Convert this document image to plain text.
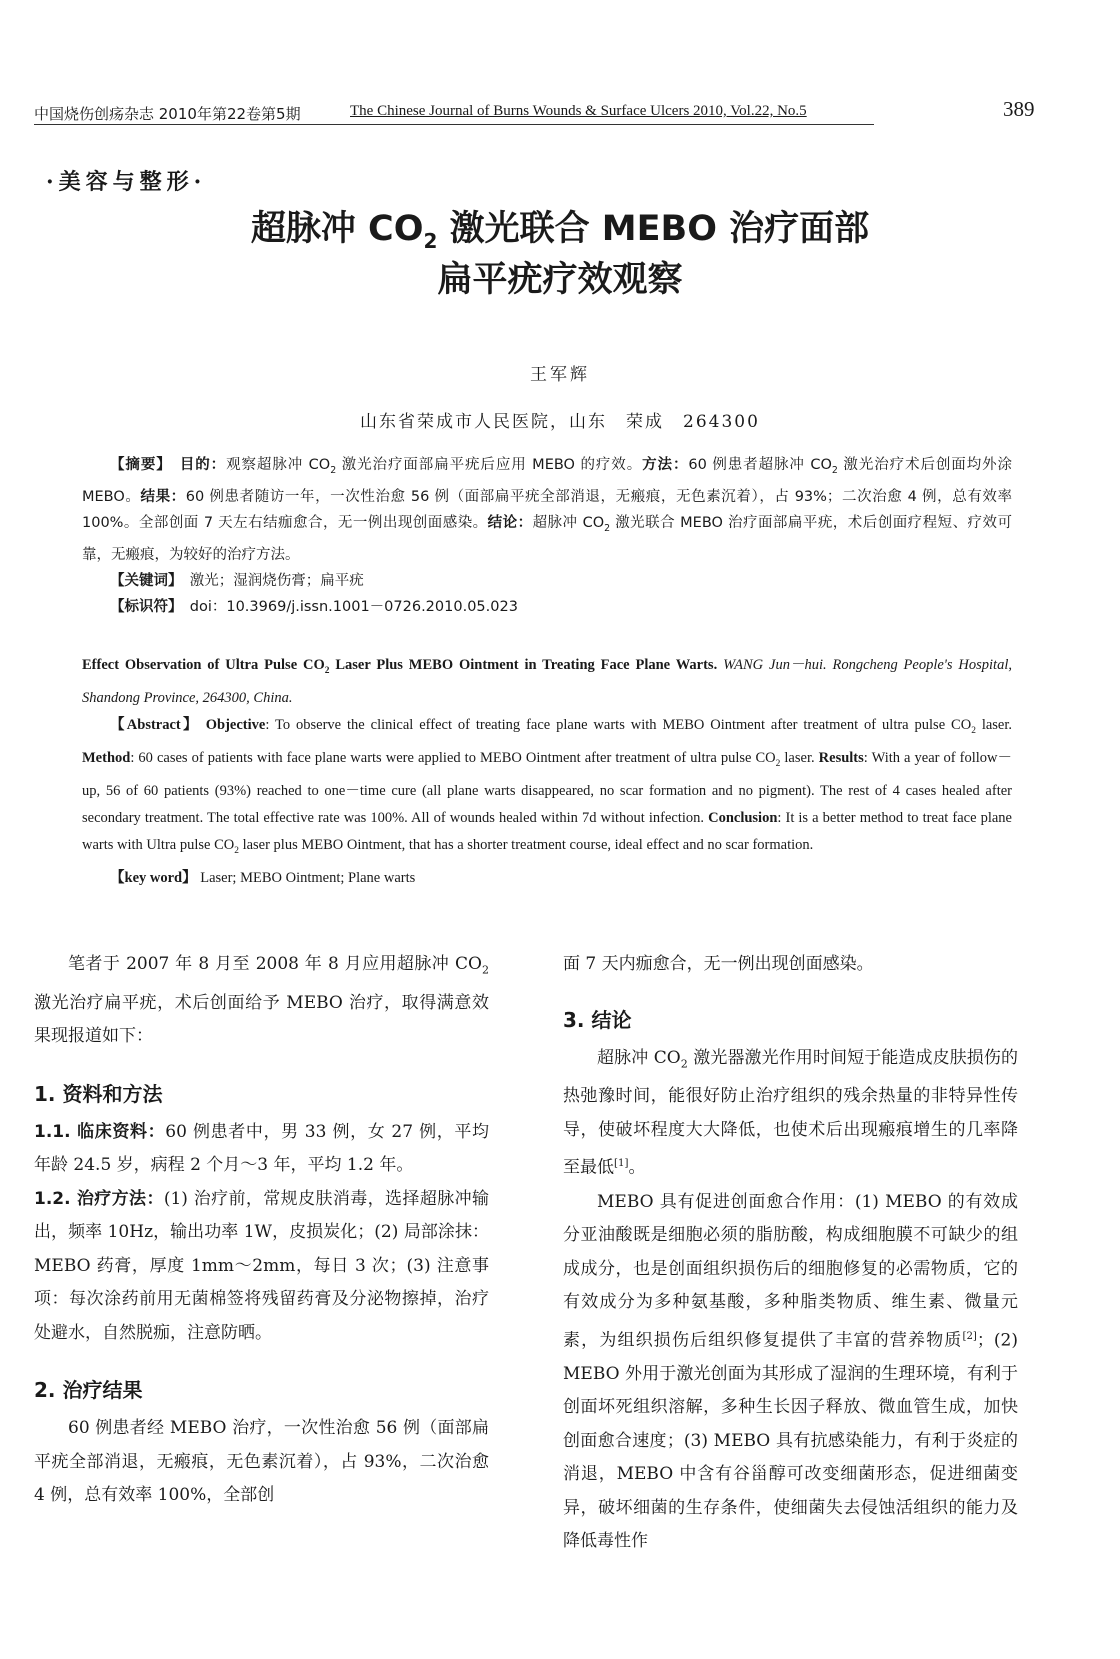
中国烧伤创疡杂志 2010年第22卷第5期	The Chinese Journal of Burns Wounds & Surface Ulcers 2010, Vol.22, No.5	389
·美容与整形·
超脉冲 $CO_2$ 激光联合 MEBO 治疗面部
扁平疣疗效观察
王军辉
山东省荣成市人民医院，山东　荣成　264300

【摘要】　 目的：观察超脉冲 $CO_2$ 激光治疗面部扁平疣后应用 MEBO 的疗效。方法：60 例患者超脉冲 $CO_2$ 激光治疗术后创面均外涂 MEBO。结果：60 例患者随访一年，一次性治愈 56 例（面部扁平疣全部消退，无瘢痕，无色素沉着），占 93%；二次治愈 4 例，总有效率 100%。全部创面 7 天左右结痂愈合，无一例出现创面感染。结论：超脉冲 $CO_2$ 激光联合 MEBO 治疗面部扁平疣，术后创面疗程短、疗效可靠，无瘢痕，为较好的治疗方法。

【关键词】　 激光；湿润烧伤膏；扁平疣

【标识符】　 doi：10.3969/j.issn.1001－0726.2010.05.023

Effect Observation of Ultra Pulse $CO_2$ Laser Plus MEBO Ointment in Treating Face Plane Warts. WANG Jun－hui. Rongcheng People's Hospital, Shandong Province, 264300, China.

【Abstract】 Objective: To observe the clinical effect of treating face plane warts with MEBO Ointment after treatment of ultra pulse $CO_2$ laser. Method: 60 cases of patients with face plane warts were applied to MEBO Ointment after treatment of ultra pulse $CO_2$ laser. Results: With a year of follow－up, 56 of 60 patients (93%) reached to one－time cure (all plane warts disappeared, no scar formation and no pigment). The rest of 4 cases healed after secondary treatment. The total effective rate was 100%. All of wounds healed within 7d without infection. Conclusion: It is a better method to treat face plane warts with Ultra pulse $CO_2$ laser plus MEBO Ointment, that has a shorter treatment course, ideal effect and no scar formation.

【key word】 Laser; MEBO Ointment; Plane warts

笔者于 2007 年 8 月至 2008 年 8 月应用超脉冲 $CO_2$ 激光治疗扁平疣，术后创面给予 MEBO 治疗，取得满意效果现报道如下：

1. 资料和方法

1.1. 临床资料：60 例患者中，男 33 例，女 27 例，平均年龄 24.5 岁，病程 2 个月～3 年，平均 1.2 年。

1.2. 治疗方法：(1) 治疗前，常规皮肤消毒，选择超脉冲输出，频率 10Hz，输出功率 1W，皮损炭化；(2) 局部涂抹：MEBO 药膏，厚度 1mm～2mm，每日 3 次；(3) 注意事项：每次涂药前用无菌棉签将残留药膏及分泌物擦掉，治疗处避水，自然脱痂，注意防晒。

2. 治疗结果

60 例患者经 MEBO 治疗，一次性治愈 56 例（面部扁平疣全部消退，无瘢痕，无色素沉着），占 93%，二次治愈 4 例，总有效率 100%，全部创

面 7 天内痂愈合，无一例出现创面感染。

3. 结论

超脉冲 $CO_2$ 激光器激光作用时间短于能造成皮肤损伤的热弛豫时间，能很好防止治疗组织的残余热量的非特异性传导，使破坏程度大大降低，也使术后出现瘢痕增生的几率降至最低[1]。

MEBO 具有促进创面愈合作用：(1) MEBO 的有效成分亚油酸既是细胞必须的脂肪酸，构成细胞膜不可缺少的组成成分，也是创面组织损伤后的细胞修复的必需物质，它的有效成分为多种氨基酸，多种脂类物质、维生素、微量元素，为组织损伤后组织修复提供了丰富的营养物质[2]；(2) MEBO 外用于激光创面为其形成了湿润的生理环境，有利于创面坏死组织溶解，多种生长因子释放、微血管生成，加快创面愈合速度；(3) MEBO 具有抗感染能力，有利于炎症的消退，MEBO 中含有谷甾醇可改变细菌形态，促进细菌变异，破坏细菌的生存条件，使细菌失去侵蚀活组织的能力及降低毒性作
